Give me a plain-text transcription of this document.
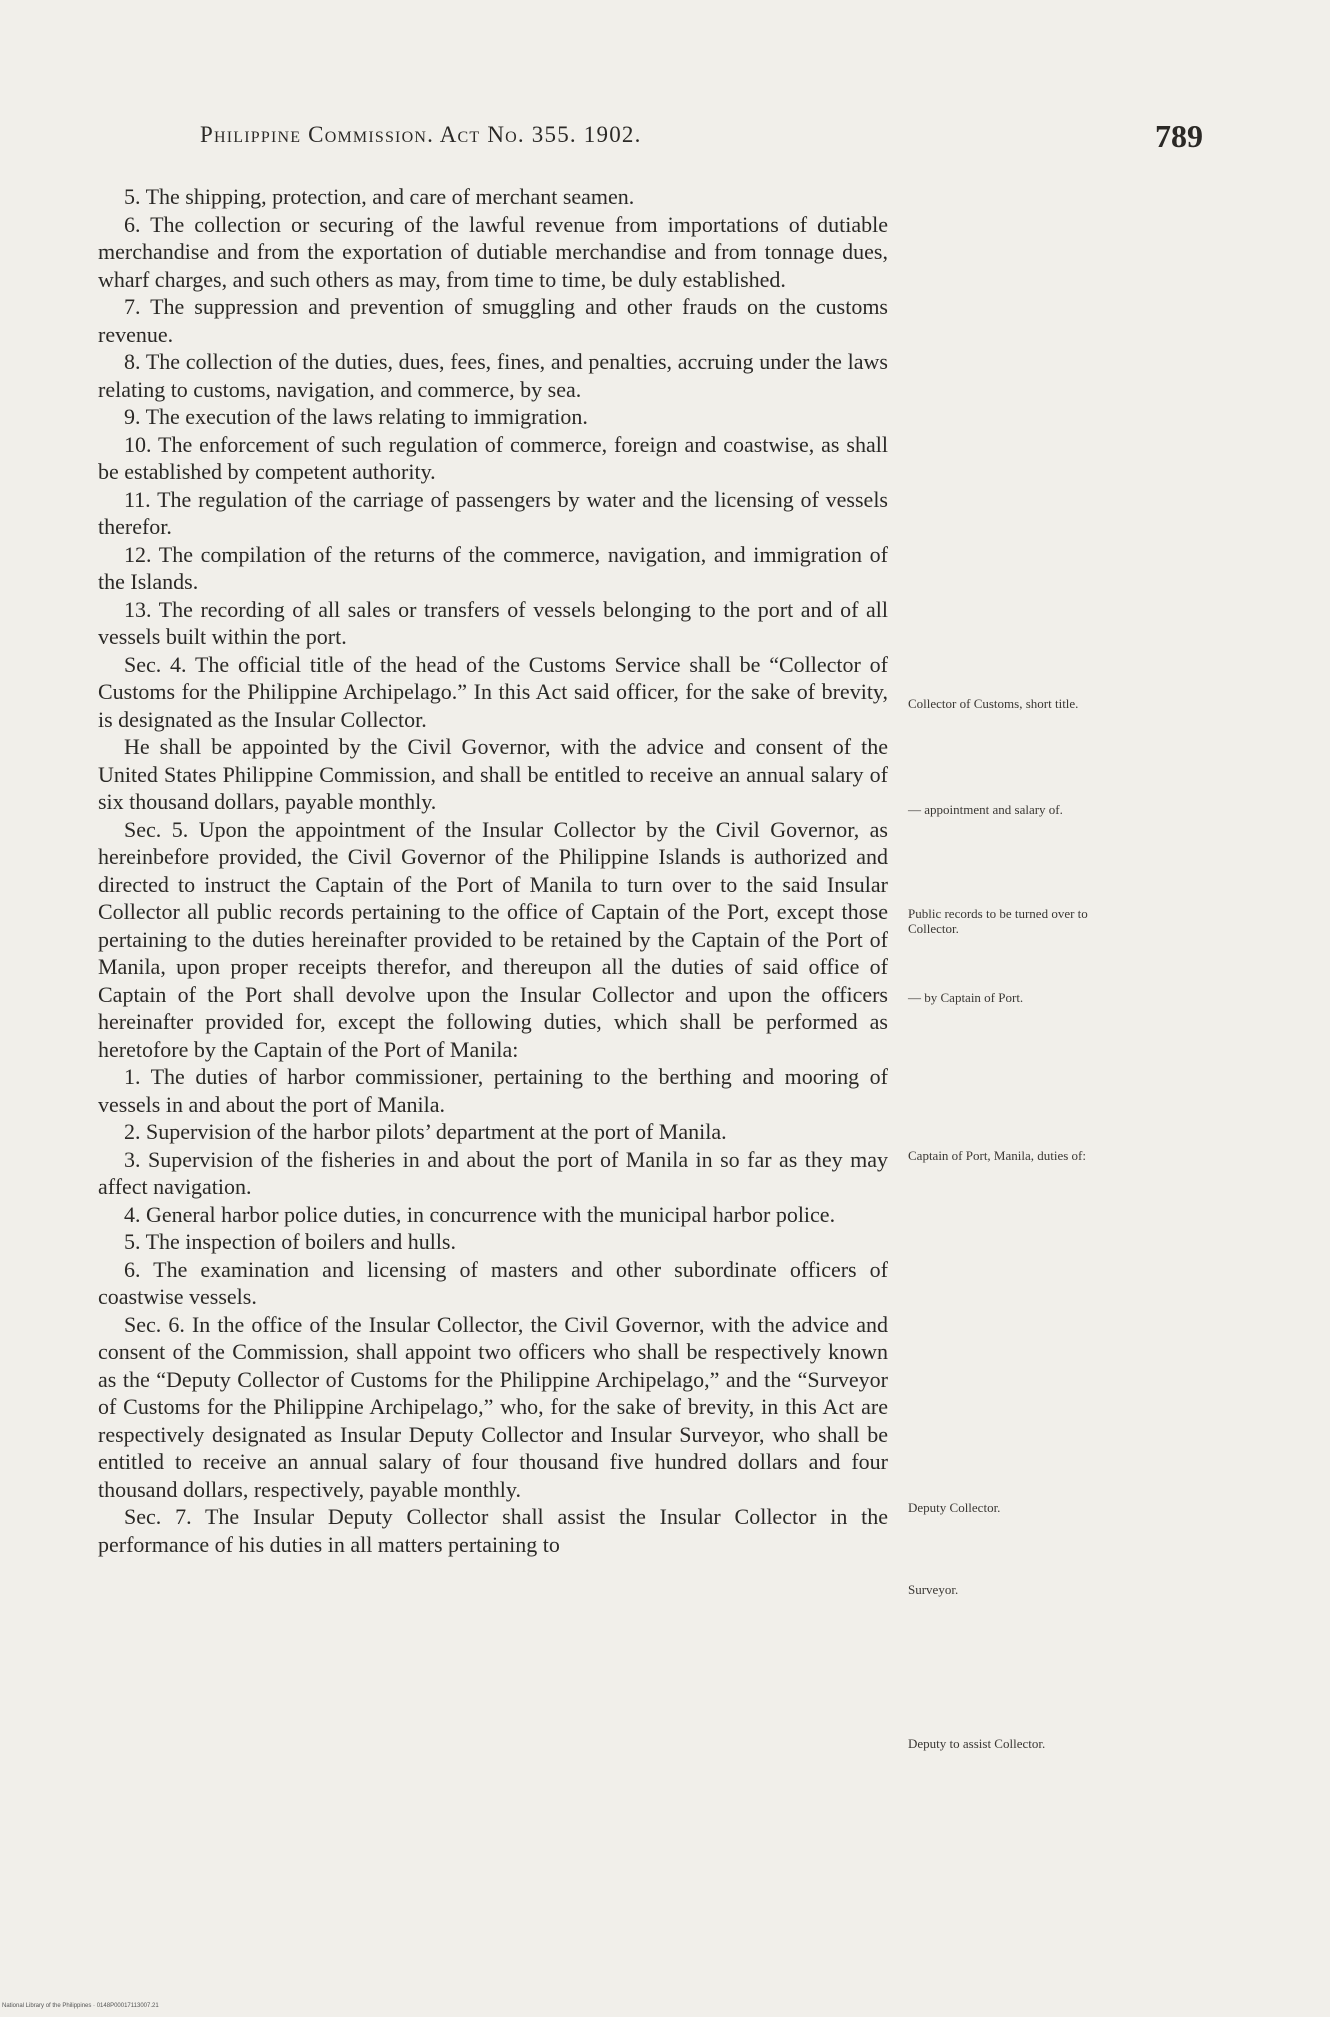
Philippine Commission. Act No. 355. 1902.	789

5. The shipping, protection, and care of merchant seamen.

6. The collection or securing of the lawful revenue from importations of dutiable merchandise and from the exportation of dutiable merchandise and from tonnage dues, wharf charges, and such others as may, from time to time, be duly established.

7. The suppression and prevention of smuggling and other frauds on the customs revenue.

8. The collection of the duties, dues, fees, fines, and penalties, accruing under the laws relating to customs, navigation, and commerce, by sea.

9. The execution of the laws relating to immigration.

10. The enforcement of such regulation of commerce, foreign and coastwise, as shall be established by competent authority.

11. The regulation of the carriage of passengers by water and the licensing of vessels therefor.

12. The compilation of the returns of the commerce, navigation, and immigration of the Islands.

13. The recording of all sales or transfers of vessels belonging to the port and of all vessels built within the port.

Sec. 4. The official title of the head of the Customs Service shall be “Collector of Customs for the Philippine Archipelago.” In this Act said officer, for the sake of brevity, is designated as the Insular Collector.

He shall be appointed by the Civil Governor, with the advice and consent of the United States Philippine Commission, and shall be entitled to receive an annual salary of six thousand dollars, payable monthly.

Sec. 5. Upon the appointment of the Insular Collector by the Civil Governor, as hereinbefore provided, the Civil Governor of the Philippine Islands is authorized and directed to instruct the Captain of the Port of Manila to turn over to the said Insular Collector all public records pertaining to the office of Captain of the Port, except those pertaining to the duties hereinafter provided to be retained by the Captain of the Port of Manila, upon proper receipts therefor, and thereupon all the duties of said office of Captain of the Port shall devolve upon the Insular Collector and upon the officers hereinafter provided for, except the following duties, which shall be performed as heretofore by the Captain of the Port of Manila:

1. The duties of harbor commissioner, pertaining to the berthing and mooring of vessels in and about the port of Manila.

2. Supervision of the harbor pilots’ department at the port of Manila.

3. Supervision of the fisheries in and about the port of Manila in so far as they may affect navigation.

4. General harbor police duties, in concurrence with the municipal harbor police.

5. The inspection of boilers and hulls.

6. The examination and licensing of masters and other subordinate officers of coastwise vessels.

Sec. 6. In the office of the Insular Collector, the Civil Governor, with the advice and consent of the Commission, shall appoint two officers who shall be respectively known as the “Deputy Collector of Customs for the Philippine Archipelago,” and the “Surveyor of Customs for the Philippine Archipelago,” who, for the sake of brevity, in this Act are respectively designated as Insular Deputy Collector and Insular Surveyor, who shall be entitled to receive an annual salary of four thousand five hundred dollars and four thousand dollars, respectively, payable monthly.

Sec. 7. The Insular Deputy Collector shall assist the Insular Collector in the performance of his duties in all matters pertaining to

Collector of Customs, short title.
— appointment and salary of.
Public records to be turned over to Collector.
— by Captain of Port.
Captain of Port, Manila, duties of:
Deputy Collector.
Surveyor.
Deputy to assist Collector.
National Library of the Philippines · 0148P00017113007.21
